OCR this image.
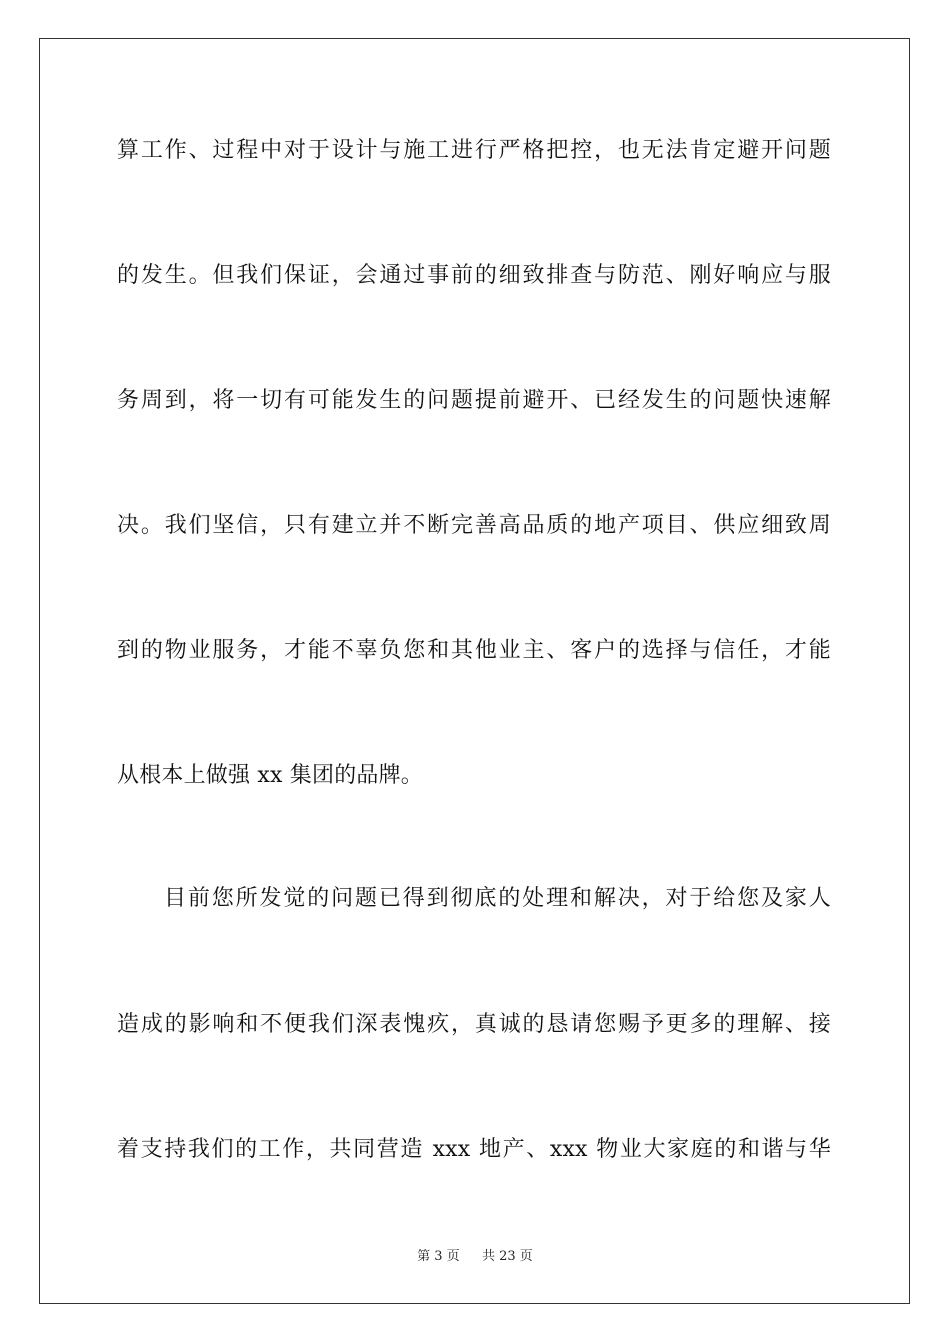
算工作、过程中对于设计与施工进行严格把控，也无法肯定避开问题
的发生。但我们保证，会通过事前的细致排查与防范、刚好响应与服
务周到，将一切有可能发生的问题提前避开、已经发生的问题快速解
决。我们坚信，只有建立并不断完善高品质的地产项目、供应细致周
到的物业服务，才能不辜负您和其他业主、客户的选择与信任，才能
从根本上做强 xx 集团的品牌。
目前您所发觉的问题已得到彻底的处理和解决，对于给您及家人
造成的影响和不便我们深表愧疚，真诚的恳请您赐予更多的理解、接
着支持我们的工作，共同营造 xxx 地产、xxx 物业大家庭的和谐与华
第 3 页 共 23 页
